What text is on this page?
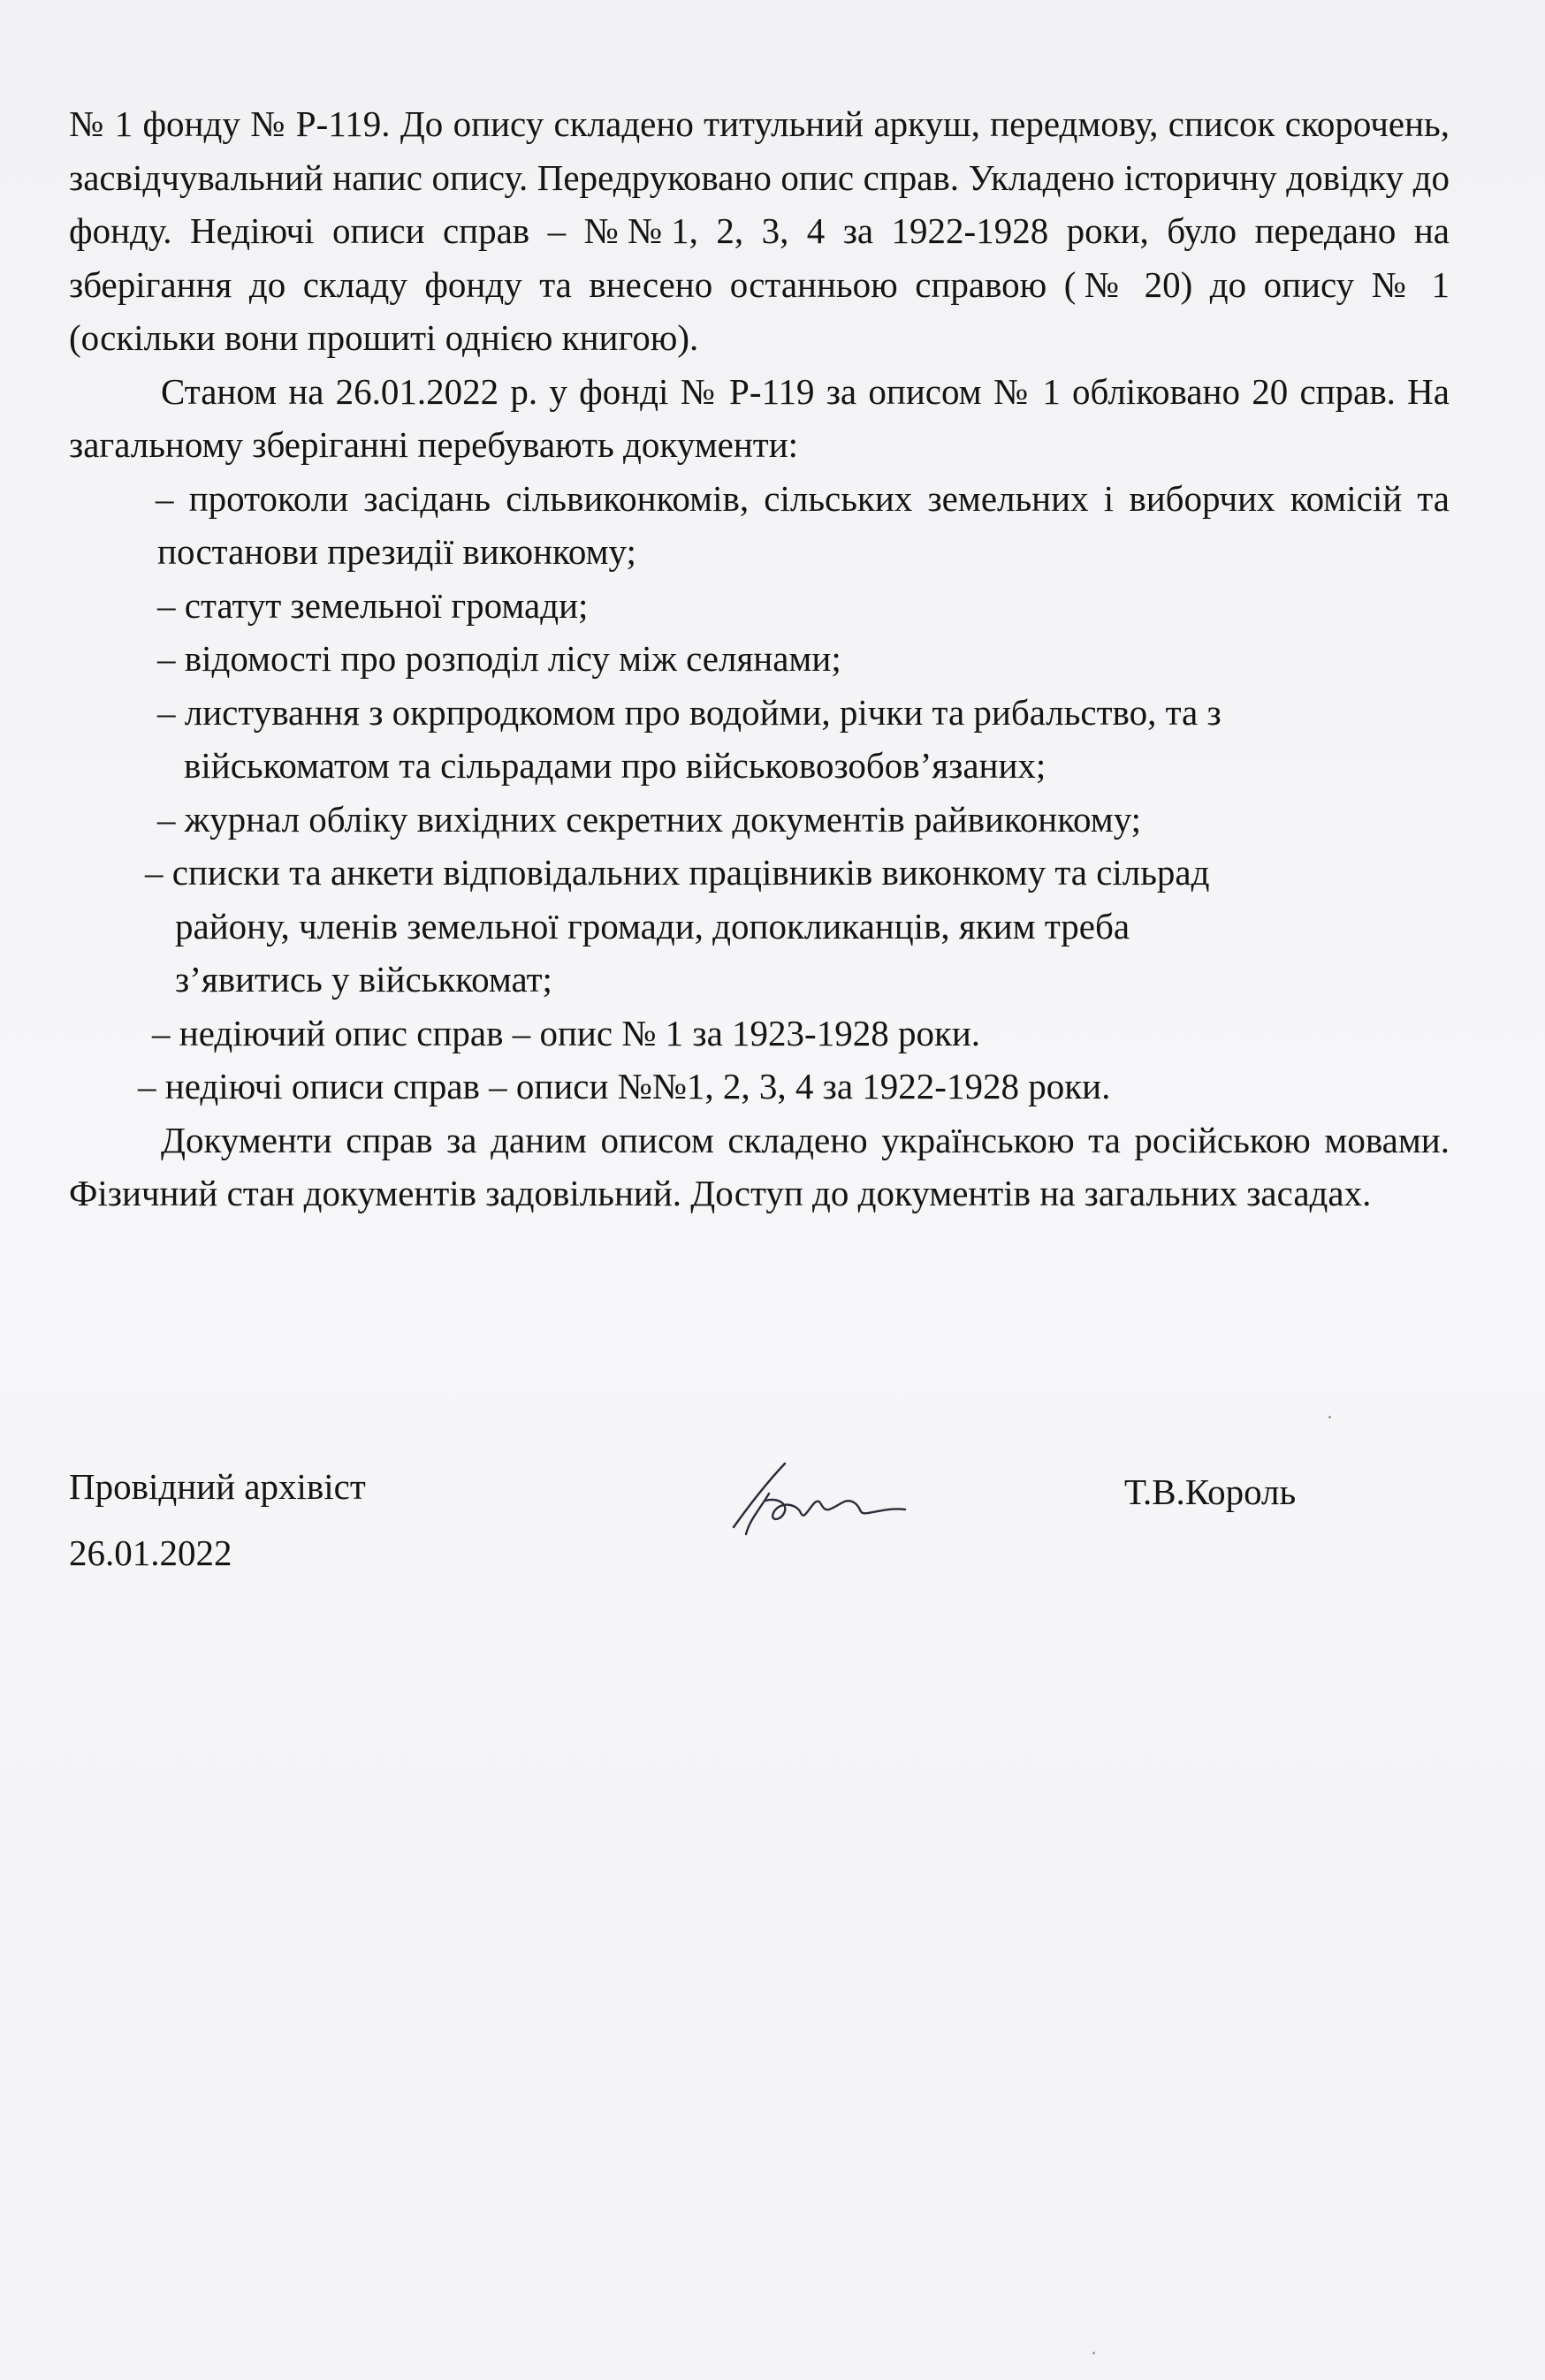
№ 1 фонду № Р-119. До опису складено титульний аркуш, передмову, список скорочень, засвідчувальний напис опису. Передруковано опис справ. Укладено історичну довідку до фонду. Недіючі описи справ – №№1, 2, 3, 4 за 1922-1928 роки, було передано на зберігання до складу фонду та внесено останньою справою (№ 20) до опису № 1 (оскільки вони прошиті однією книгою).

Станом на 26.01.2022 р. у фонді № Р-119 за описом № 1 обліковано 20 справ. На загальному зберіганні перебувають документи:

– протоколи засідань сільвиконкомів, сільських земельних і виборчих комісій та постанови президії виконкому;

– статут земельної громади;
– відомості про розподіл лісу між селянами;
– листування з окрпродкомом про водойми, річки та рибальство, та з
військоматом та сільрадами про військовозобов’язаних;
– журнал обліку вихідних секретних документів райвиконкому;
– списки та анкети відповідальних працівників виконкому та сільрад
району, членів земельної громади, допокликанців, яким треба
з’явитись у військкомат;
– недіючий опис справ – опис № 1 за 1923-1928 роки.
– недіючі описи справ – описи №№1, 2, 3, 4 за 1922-1928 роки.

Документи справ за даним описом складено українською та російською мовами. Фізичний стан документів задовільний. Доступ до документів на загальних засадах.

Провідний архівіст
26.01.2022
Т.В.Король
